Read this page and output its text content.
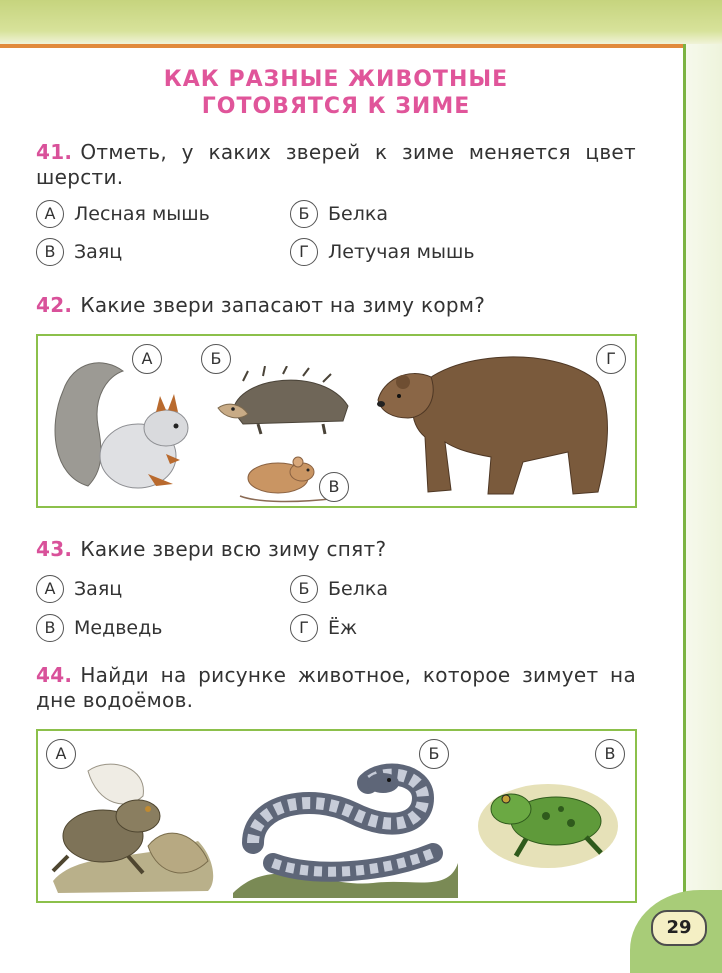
КАК РАЗНЫЕ ЖИВОТНЫЕ
ГОТОВЯТСЯ К ЗИМЕ
41. Отметь, у каких зверей к зиме меняется цвет шерсти.
А Лесная мышь	Б Белка
В Заяц	Г	Летучая мышь
42. Какие звери запасают на зиму корм?
А	Б
В
Г
43. Какие звери всю зиму спят?
А Заяц	Б Белка
В Медведь	Г	Ёж
44. Найди на рисунке животное, которое зимует на дне водоёмов.
А	Б	В
29
